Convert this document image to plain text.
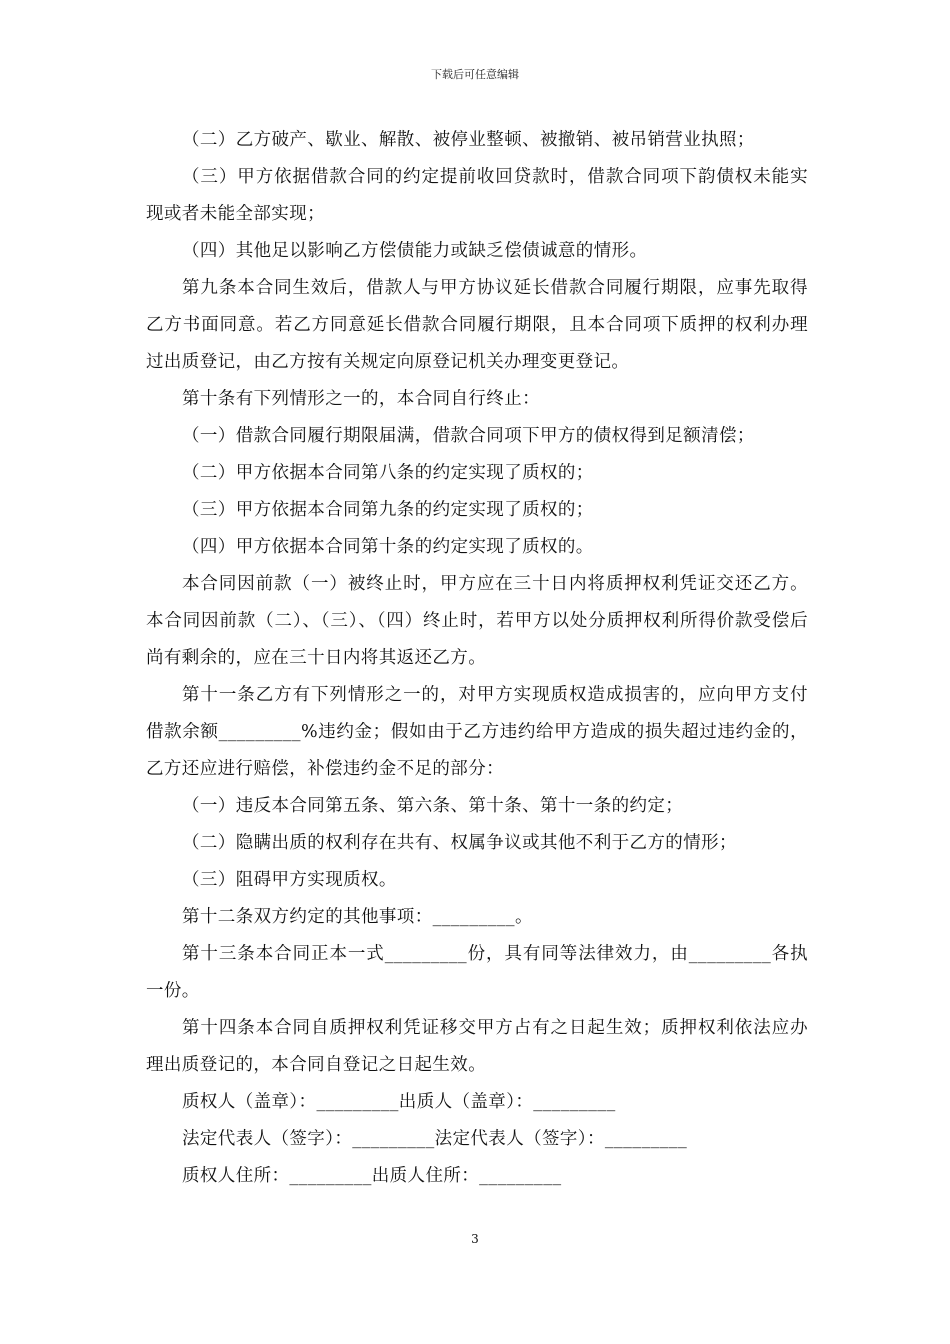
下载后可任意编辑

（二）乙方破产、歇业、解散、被停业整顿、被撤销、被吊销营业执照；

（三）甲方依据借款合同的约定提前收回贷款时，借款合同项下韵债权未能实现或者未能全部实现；

（四）其他足以影响乙方偿债能力或缺乏偿债诚意的情形。

第九条本合同生效后，借款人与甲方协议延长借款合同履行期限，应事先取得乙方书面同意。若乙方同意延长借款合同履行期限，且本合同项下质押的权利办理过出质登记，由乙方按有关规定向原登记机关办理变更登记。

第十条有下列情形之一的，本合同自行终止：

（一）借款合同履行期限届满，借款合同项下甲方的债权得到足额清偿；

（二）甲方依据本合同第八条的约定实现了质权的；

（三）甲方依据本合同第九条的约定实现了质权的；

（四）甲方依据本合同第十条的约定实现了质权的。

本合同因前款（一）被终止时，甲方应在三十日内将质押权利凭证交还乙方。本合同因前款（二）、（三）、（四）终止时，若甲方以处分质押权利所得价款受偿后尚有剩余的，应在三十日内将其返还乙方。

第十一条乙方有下列情形之一的，对甲方实现质权造成损害的，应向甲方支付借款余额_________%违约金；假如由于乙方违约给甲方造成的损失超过违约金的，乙方还应进行赔偿，补偿违约金不足的部分：

（一）违反本合同第五条、第六条、第十条、第十一条的约定；

（二）隐瞒出质的权利存在共有、权属争议或其他不利于乙方的情形；

（三）阻碍甲方实现质权。

第十二条双方约定的其他事项：_________。

第十三条本合同正本一式_________份，具有同等法律效力，由_________各执一份。

第十四条本合同自质押权利凭证移交甲方占有之日起生效；质押权利依法应办理出质登记的，本合同自登记之日起生效。

质权人（盖章）：_________出质人（盖章）：_________

法定代表人（签字）：_________法定代表人（签字）：_________

质权人住所：_________出质人住所：_________

3
